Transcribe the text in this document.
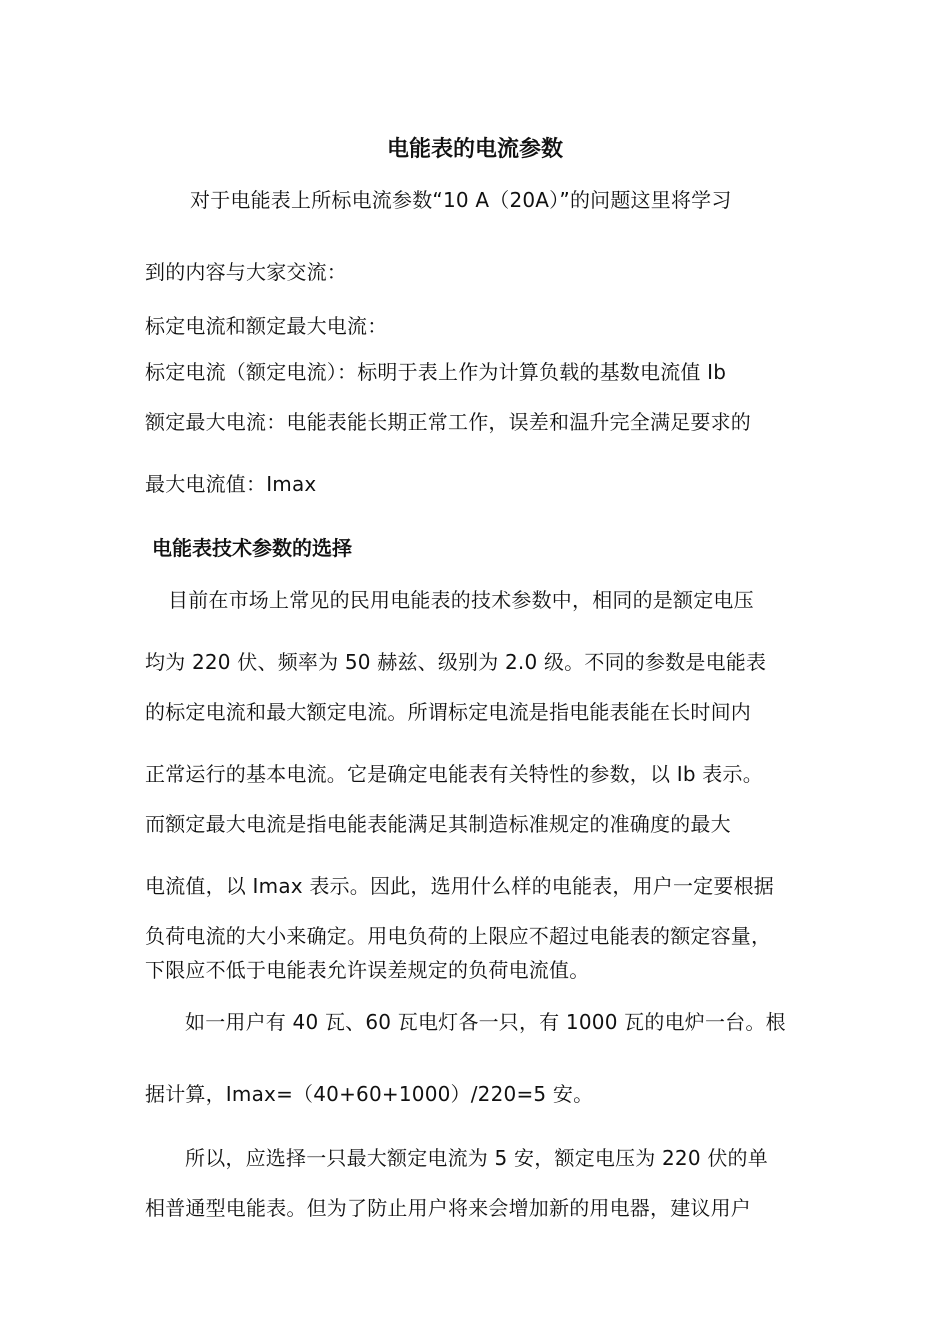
电能表的电流参数
对于电能表上所标电流参数“10 A（20A）”的问题这里将学习
到的内容与大家交流：
标定电流和额定最大电流：
标定电流（额定电流）：标明于表上作为计算负载的基数电流值 Ib
额定最大电流：电能表能长期正常工作，误差和温升完全满足要求的
最大电流值：Imax
电能表技术参数的选择
目前在市场上常见的民用电能表的技术参数中，相同的是额定电压
均为 220 伏、频率为 50 赫兹、级别为 2.0 级。不同的参数是电能表
的标定电流和最大额定电流。所谓标定电流是指电能表能在长时间内
正常运行的基本电流。它是确定电能表有关特性的参数，以 Ib 表示。
而额定最大电流是指电能表能满足其制造标准规定的准确度的最大
电流值，以 Imax 表示。因此，选用什么样的电能表，用户一定要根据
负荷电流的大小来确定。用电负荷的上限应不超过电能表的额定容量，
下限应不低于电能表允许误差规定的负荷电流值。
如一用户有 40 瓦、60 瓦电灯各一只，有 1000 瓦的电炉一台。根
据计算，Imax=（40+60+1000）/220=5 安。
所以，应选择一只最大额定电流为 5 安，额定电压为 220 伏的单
相普通型电能表。但为了防止用户将来会增加新的用电器，建议用户
